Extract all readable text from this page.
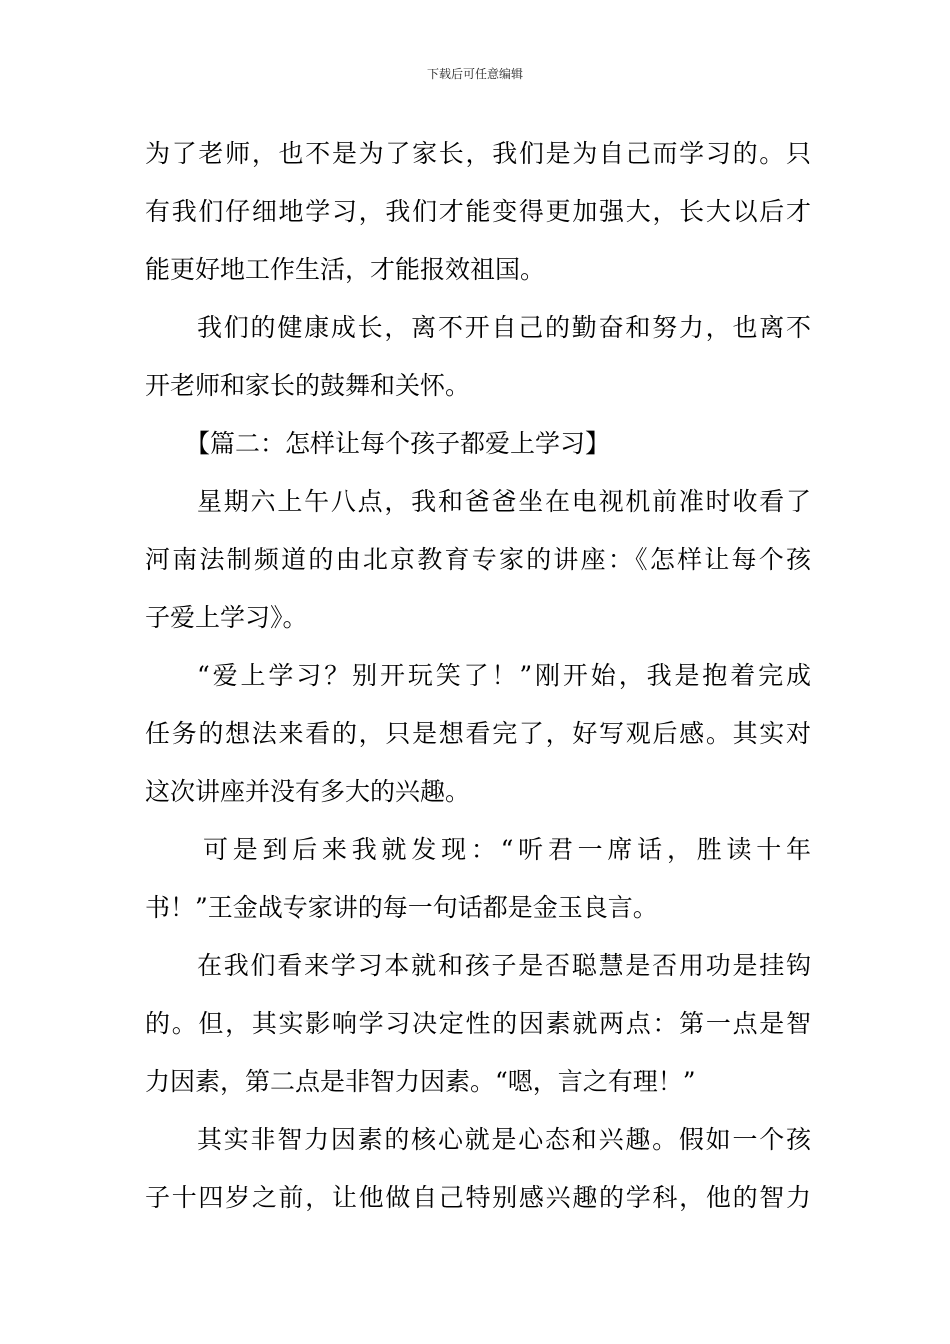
下载后可任意编辑
为了老师，也不是为了家长，我们是为自己而学习的。只
有我们仔细地学习，我们才能变得更加强大，长大以后才
能更好地工作生活，才能报效祖国。
我们的健康成长，离不开自己的勤奋和努力，也离不
开老师和家长的鼓舞和关怀。
【篇二：怎样让每个孩子都爱上学习】
星期六上午八点，我和爸爸坐在电视机前准时收看了
河南法制频道的由北京教育专家的讲座：《怎样让每个孩
子爱上学习》。
“爱上学习？别开玩笑了！”刚开始，我是抱着完成
任务的想法来看的，只是想看完了，好写观后感。其实对
这次讲座并没有多大的兴趣。
可是到后来我就发现：“听君一席话，胜读十年
书！”王金战专家讲的每一句话都是金玉良言。
在我们看来学习本就和孩子是否聪慧是否用功是挂钩
的。但，其实影响学习决定性的因素就两点：第一点是智
力因素，第二点是非智力因素。“嗯，言之有理！”
其实非智力因素的核心就是心态和兴趣。假如一个孩
子十四岁之前，让他做自己特别感兴趣的学科，他的智力
